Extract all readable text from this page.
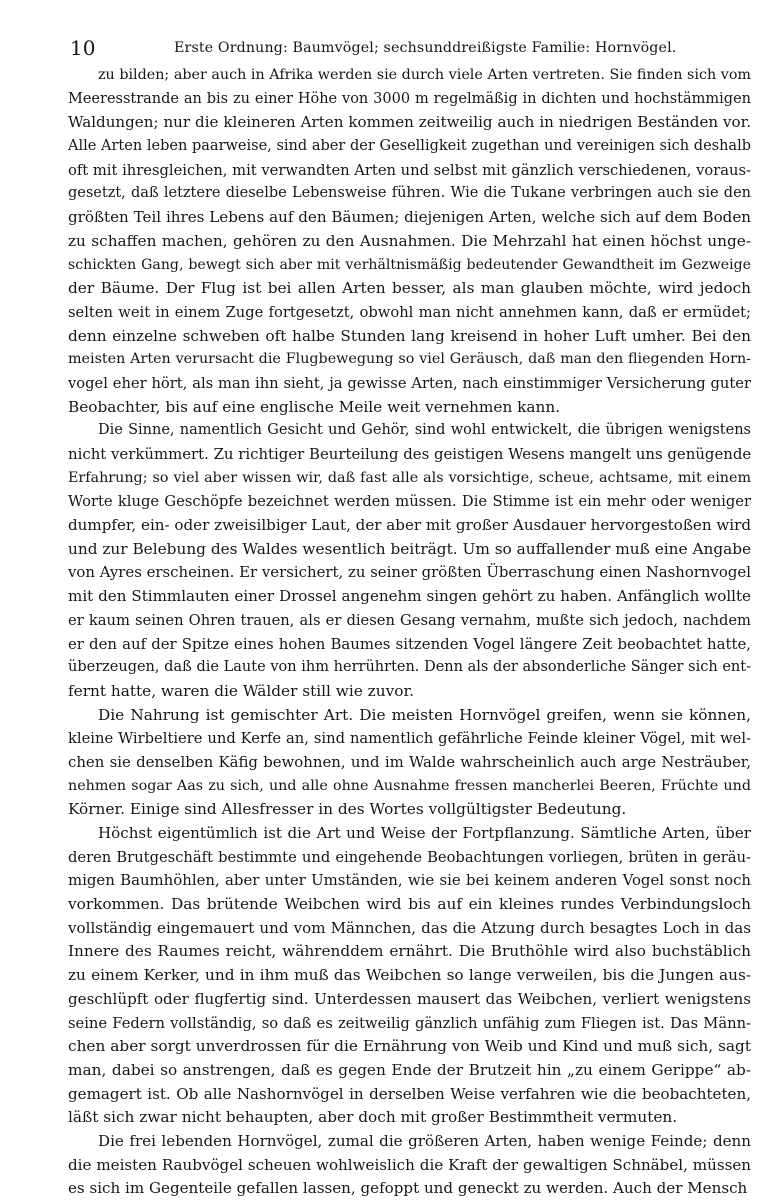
10	Erste Ordnung: Baumvögel; sechsunddreißigste Familie: Hornvögel.

zu bilden; aber auch in Afrika werden sie durch viele Arten vertreten. Sie finden sich vom

Meeresstrande an bis zu einer Höhe von 3000 m regelmäßig in dichten und hochstämmigen

Waldungen; nur die kleineren Arten kommen zeitweilig auch in niedrigen Beständen vor.

Alle Arten leben paarweise, sind aber der Geselligkeit zugethan und vereinigen sich deshalb

oft mit ihresgleichen, mit verwandten Arten und selbst mit gänzlich verschiedenen, voraus-

gesetzt, daß letztere dieselbe Lebensweise führen. Wie die Tukane verbringen auch sie den

größten Teil ihres Lebens auf den Bäumen; diejenigen Arten, welche sich auf dem Boden

zu schaffen machen, gehören zu den Ausnahmen. Die Mehrzahl hat einen höchst unge-

schickten Gang, bewegt sich aber mit verhältnismäßig bedeutender Gewandtheit im Gezweige

der Bäume. Der Flug ist bei allen Arten besser, als man glauben möchte, wird jedoch

selten weit in einem Zuge fortgesetzt, obwohl man nicht annehmen kann, daß er ermüdet;

denn einzelne schweben oft halbe Stunden lang kreisend in hoher Luft umher. Bei den

meisten Arten verursacht die Flugbewegung so viel Geräusch, daß man den fliegenden Horn-

vogel eher hört, als man ihn sieht, ja gewisse Arten, nach einstimmiger Versicherung guter

Beobachter, bis auf eine englische Meile weit vernehmen kann.

Die Sinne, namentlich Gesicht und Gehör, sind wohl entwickelt, die übrigen wenigstens

nicht verkümmert. Zu richtiger Beurteilung des geistigen Wesens mangelt uns genügende

Erfahrung; so viel aber wissen wir, daß fast alle als vorsichtige, scheue, achtsame, mit einem

Worte kluge Geschöpfe bezeichnet werden müssen. Die Stimme ist ein mehr oder weniger

dumpfer, ein- oder zweisilbiger Laut, der aber mit großer Ausdauer hervorgestoßen wird

und zur Belebung des Waldes wesentlich beiträgt. Um so auffallender muß eine Angabe

von Ayres erscheinen. Er versichert, zu seiner größten Überraschung einen Nashornvogel

mit den Stimmlauten einer Drossel angenehm singen gehört zu haben. Anfänglich wollte

er kaum seinen Ohren trauen, als er diesen Gesang vernahm, mußte sich jedoch, nachdem

er den auf der Spitze eines hohen Baumes sitzenden Vogel längere Zeit beobachtet hatte,

überzeugen, daß die Laute von ihm herrührten. Denn als der absonderliche Sänger sich ent-

fernt hatte, waren die Wälder still wie zuvor.

Die Nahrung ist gemischter Art. Die meisten Hornvögel greifen, wenn sie können,

kleine Wirbeltiere und Kerfe an, sind namentlich gefährliche Feinde kleiner Vögel, mit wel-

chen sie denselben Käfig bewohnen, und im Walde wahrscheinlich auch arge Nesträuber,

nehmen sogar Aas zu sich, und alle ohne Ausnahme fressen mancherlei Beeren, Früchte und

Körner. Einige sind Allesfresser in des Wortes vollgültigster Bedeutung.

Höchst eigentümlich ist die Art und Weise der Fortpflanzung. Sämtliche Arten, über

deren Brutgeschäft bestimmte und eingehende Beobachtungen vorliegen, brüten in geräu-

migen Baumhöhlen, aber unter Umständen, wie sie bei keinem anderen Vogel sonst noch

vorkommen. Das brütende Weibchen wird bis auf ein kleines rundes Verbindungsloch

vollständig eingemauert und vom Männchen, das die Atzung durch besagtes Loch in das

Innere des Raumes reicht, währenddem ernährt. Die Bruthöhle wird also buchstäblich

zu einem Kerker, und in ihm muß das Weibchen so lange verweilen, bis die Jungen aus-

geschlüpft oder flugfertig sind. Unterdessen mausert das Weibchen, verliert wenigstens

seine Federn vollständig, so daß es zeitweilig gänzlich unfähig zum Fliegen ist. Das Männ-

chen aber sorgt unverdrossen für die Ernährung von Weib und Kind und muß sich, sagt

man, dabei so anstrengen, daß es gegen Ende der Brutzeit hin „zu einem Gerippe“ ab-

gemagert ist. Ob alle Nashornvögel in derselben Weise verfahren wie die beobachteten,

läßt sich zwar nicht behaupten, aber doch mit großer Bestimmtheit vermuten.

Die frei lebenden Hornvögel, zumal die größeren Arten, haben wenige Feinde; denn

die meisten Raubvögel scheuen wohlweislich die Kraft der gewaltigen Schnäbel, müssen

es sich im Gegenteile gefallen lassen, gefoppt und geneckt zu werden. Auch der Mensch
